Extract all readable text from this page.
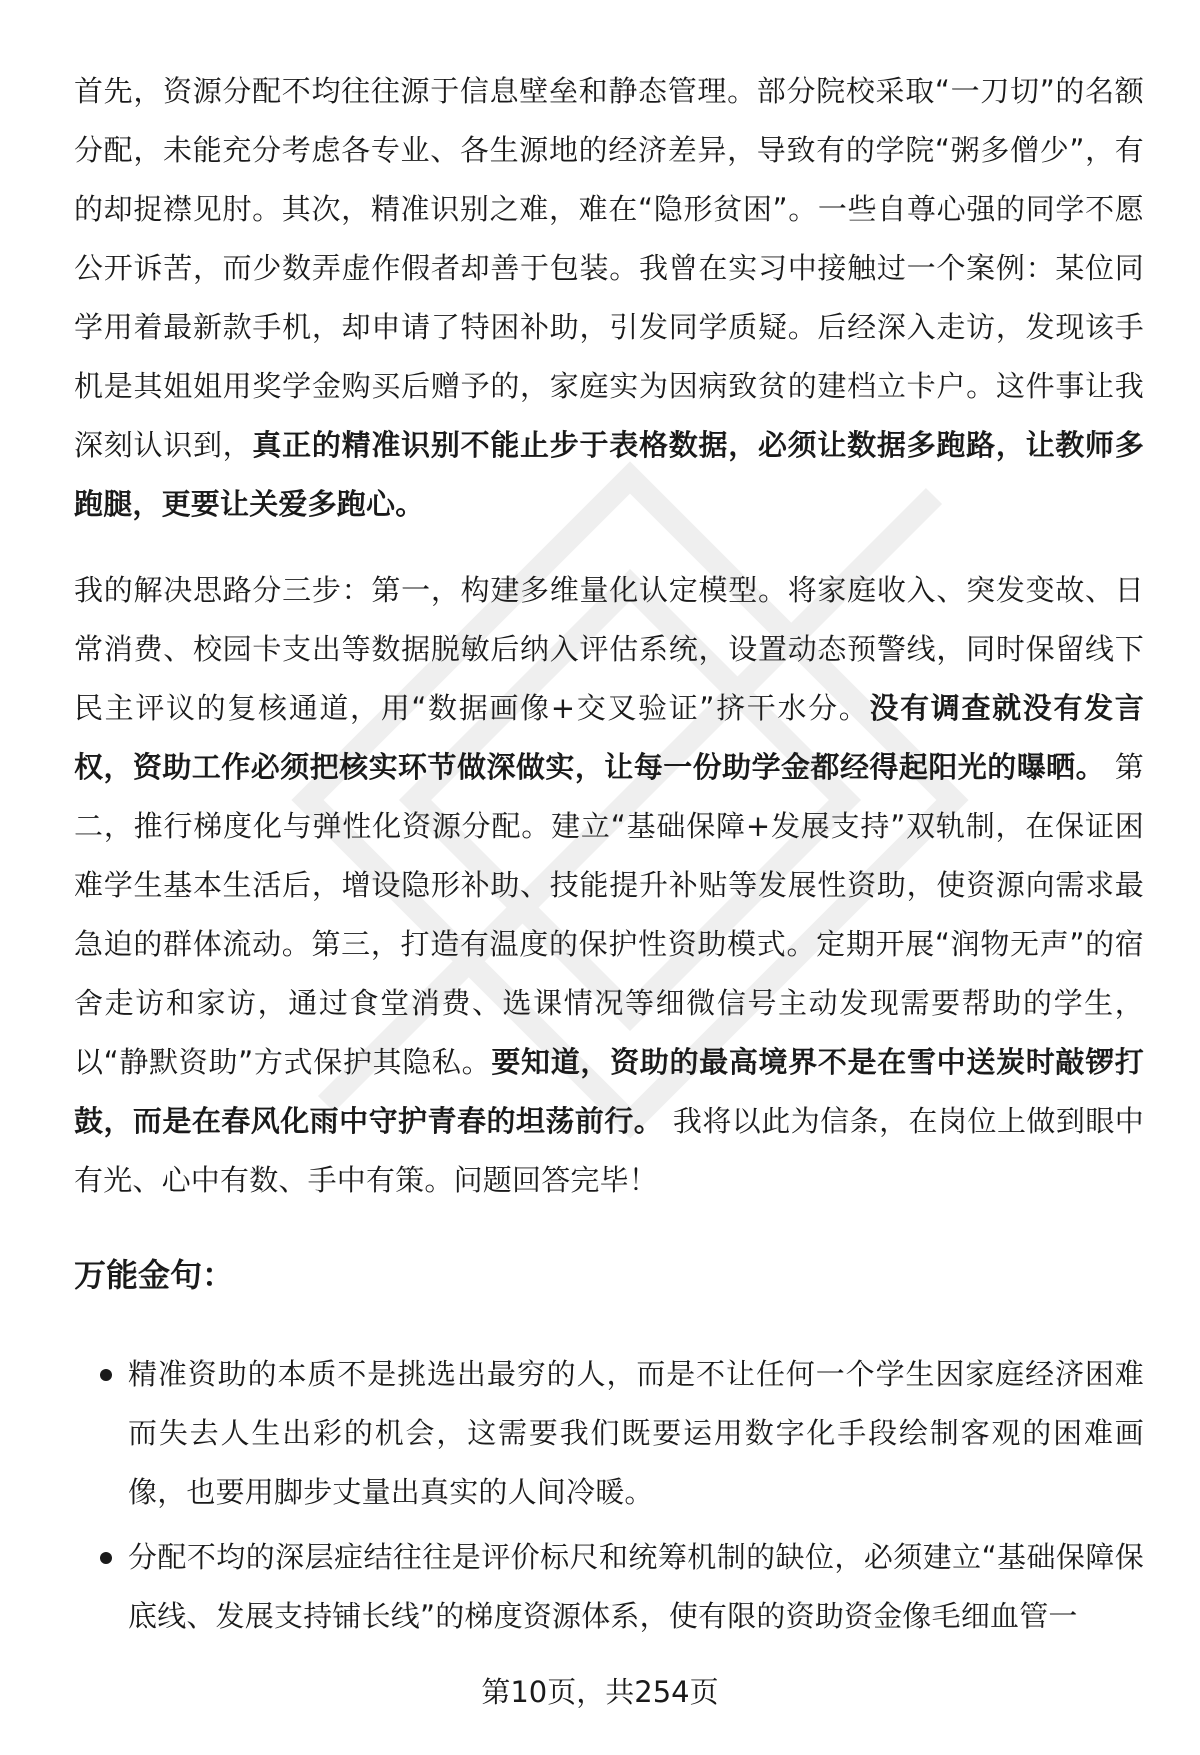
首先，资源分配不均往往源于信息壁垒和静态管理。部分院校采取“一刀切”的名额分配，未能充分考虑各专业、各生源地的经济差异，导致有的学院“粥多僧少”，有的却捉襟见肘。其次，精准识别之难，难在“隐形贫困”。一些自尊心强的同学不愿公开诉苦，而少数弄虚作假者却善于包装。我曾在实习中接触过一个案例：某位同学用着最新款手机，却申请了特困补助，引发同学质疑。后经深入走访，发现该手机是其姐姐用奖学金购买后赠予的，家庭实为因病致贫的建档立卡户。这件事让我深刻认识到，真正的精准识别不能止步于表格数据，必须让数据多跑路，让教师多跑腿，更要让关爱多跑心。

我的解决思路分三步：第一，构建多维量化认定模型。将家庭收入、突发变故、日常消费、校园卡支出等数据脱敏后纳入评估系统，设置动态预警线，同时保留线下民主评议的复核通道，用“数据画像+交叉验证”挤干水分。没有调查就没有发言权，资助工作必须把核实环节做深做实，让每一份助学金都经得起阳光的曝晒。 第二，推行梯度化与弹性化资源分配。建立“基础保障+发展支持”双轨制，在保证困难学生基本生活后，增设隐形补助、技能提升补贴等发展性资助，使资源向需求最急迫的群体流动。第三，打造有温度的保护性资助模式。定期开展“润物无声”的宿舍走访和家访，通过食堂消费、选课情况等细微信号主动发现需要帮助的学生，以“静默资助”方式保护其隐私。要知道，资助的最高境界不是在雪中送炭时敲锣打鼓，而是在春风化雨中守护青春的坦荡前行。 我将以此为信条，在岗位上做到眼中有光、心中有数、手中有策。问题回答完毕！

万能金句：
精准资助的本质不是挑选出最穷的人，而是不让任何一个学生因家庭经济困难而失去人生出彩的机会，这需要我们既要运用数字化手段绘制客观的困难画像，也要用脚步丈量出真实的人间冷暖。
分配不均的深层症结往往是评价标尺和统筹机制的缺位，必须建立“基础保障保底线、发展支持铺长线”的梯度资源体系，使有限的资助资金像毛细血管一
第10页，共254页
